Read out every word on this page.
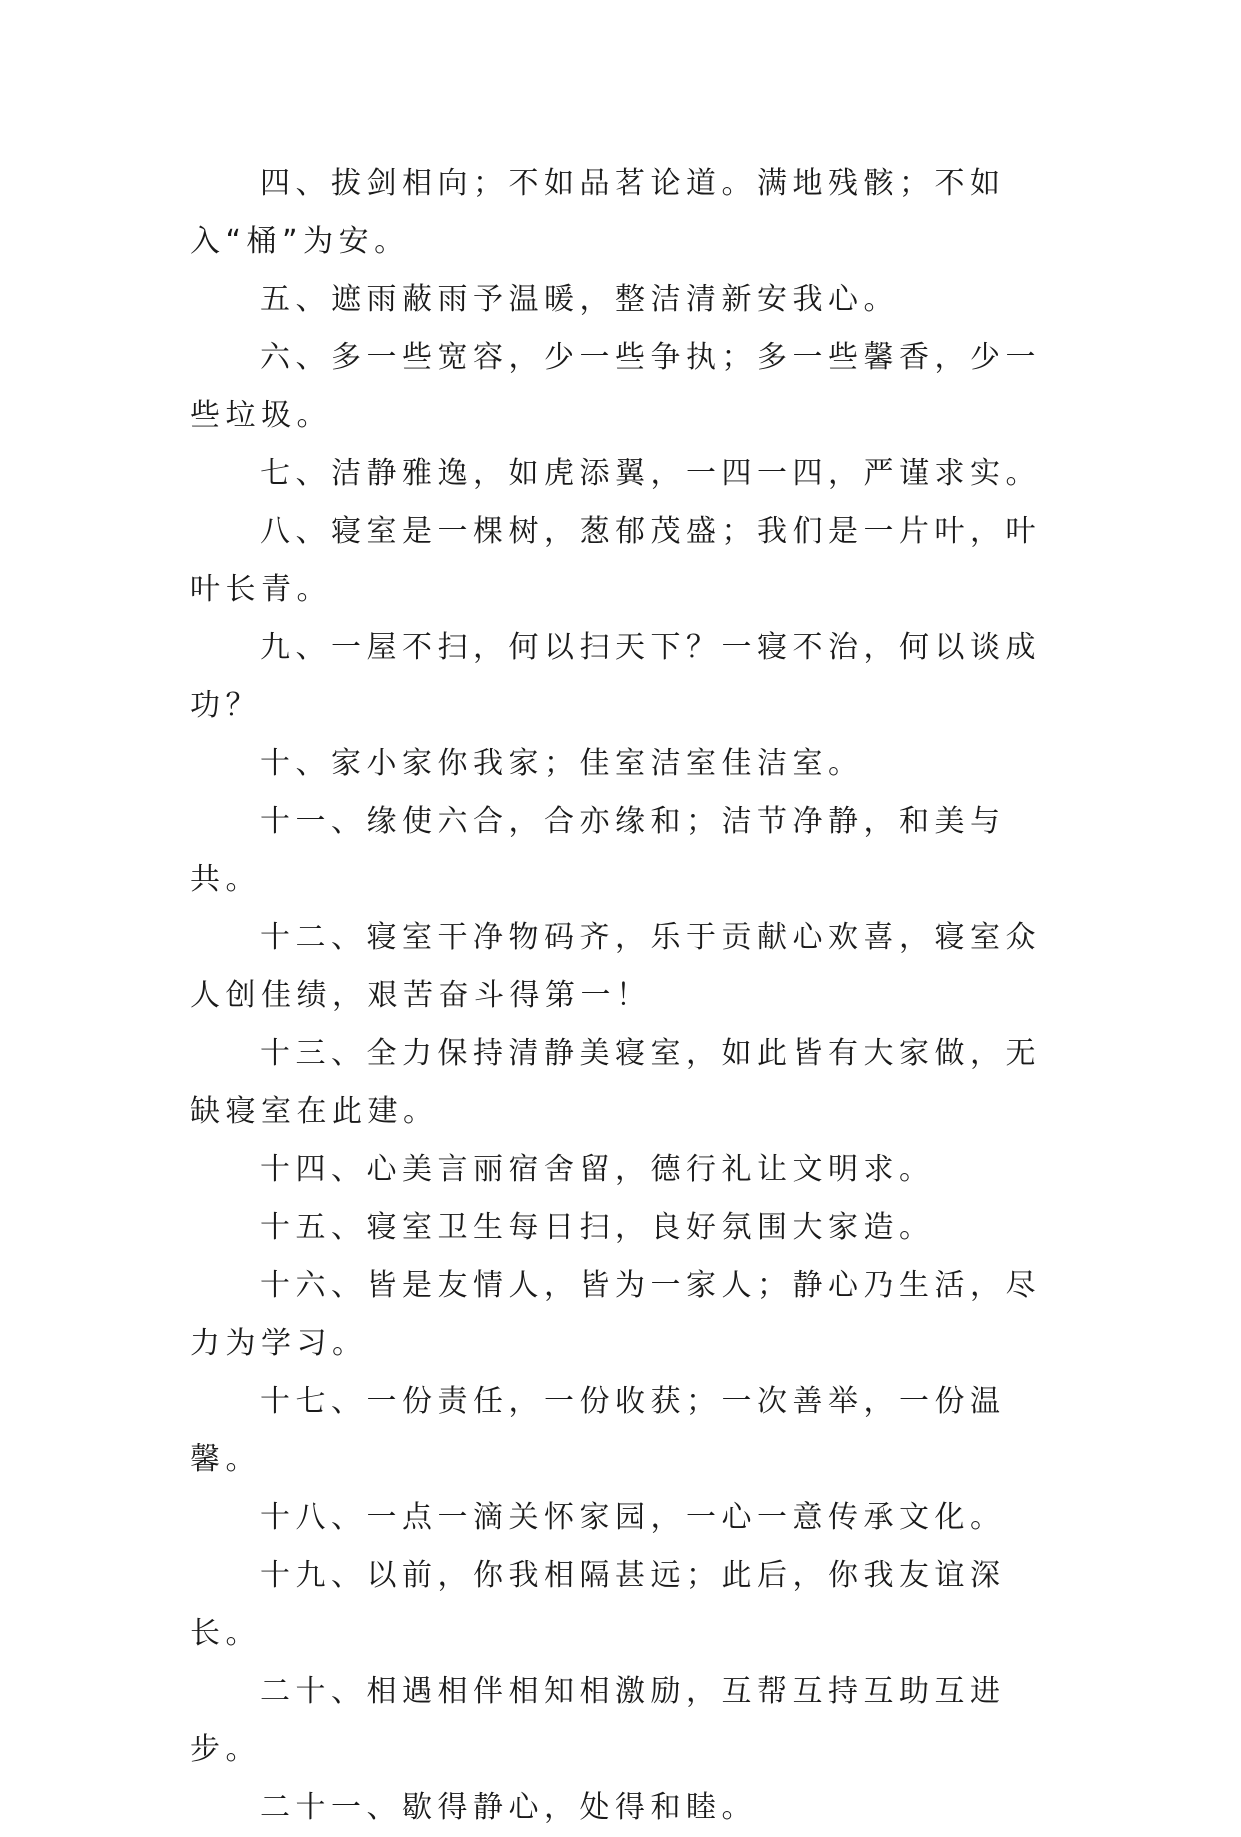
四、拔剑相向；不如品茗论道。满地残骸；不如入“桶”为安。

五、遮雨蔽雨予温暖，整洁清新安我心。

六、多一些宽容，少一些争执；多一些馨香，少一些垃圾。

七、洁静雅逸，如虎添翼，一四一四，严谨求实。

八、寝室是一棵树，葱郁茂盛；我们是一片叶，叶叶长青。

九、一屋不扫，何以扫天下？一寝不治，何以谈成功？

十、家小家你我家；佳室洁室佳洁室。

十一、缘使六合，合亦缘和；洁节净静，和美与共。

十二、寝室干净物码齐，乐于贡献心欢喜，寝室众人创佳绩，艰苦奋斗得第一！

十三、全力保持清静美寝室，如此皆有大家做，无缺寝室在此建。

十四、心美言丽宿舍留，德行礼让文明求。

十五、寝室卫生每日扫，良好氛围大家造。

十六、皆是友情人，皆为一家人；静心乃生活，尽力为学习。

十七、一份责任，一份收获；一次善举，一份温馨。

十八、一点一滴关怀家园，一心一意传承文化。

十九、以前，你我相隔甚远；此后，你我友谊深长。

二十、相遇相伴相知相激励，互帮互持互助互进步。

二十一、歇得静心，处得和睦。
